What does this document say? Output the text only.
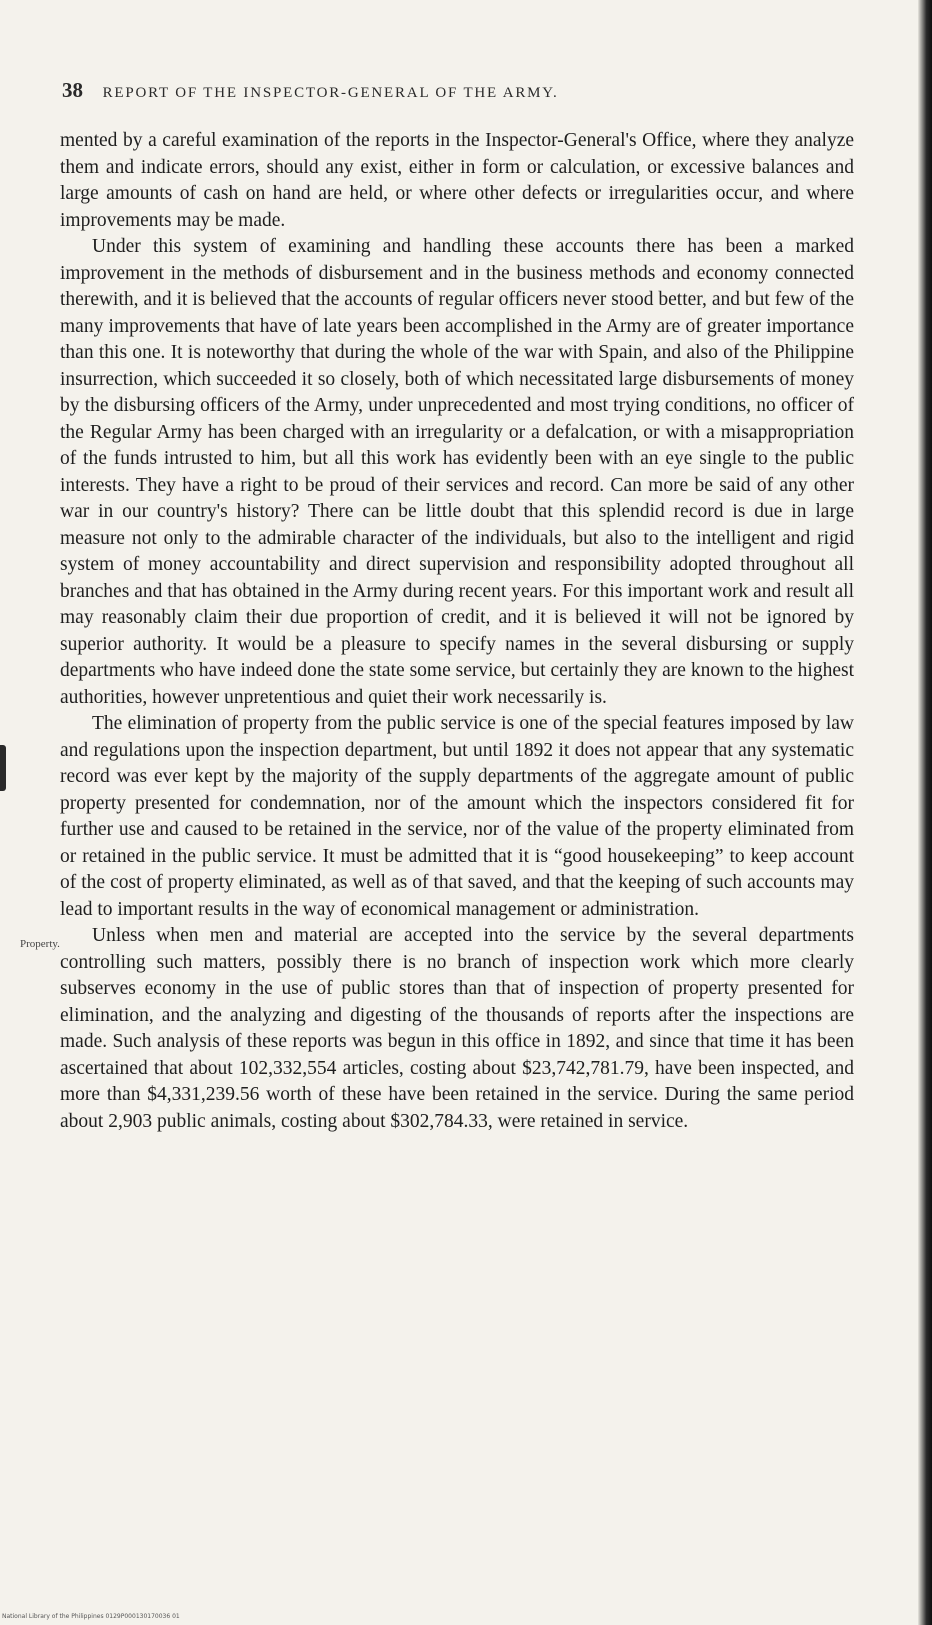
38 REPORT OF THE INSPECTOR-GENERAL OF THE ARMY.

mented by a careful examination of the reports in the Inspector-General's Office, where they analyze them and indicate errors, should any exist, either in form or calculation, or excessive balances and large amounts of cash on hand are held, or where other defects or irregularities occur, and where improvements may be made.

Under this system of examining and handling these accounts there has been a marked improvement in the methods of disbursement and in the business methods and economy connected therewith, and it is believed that the accounts of regular officers never stood better, and but few of the many improvements that have of late years been accomplished in the Army are of greater importance than this one. It is noteworthy that during the whole of the war with Spain, and also of the Philippine insurrection, which succeeded it so closely, both of which necessitated large disbursements of money by the disbursing officers of the Army, under unprecedented and most trying conditions, no officer of the Regular Army has been charged with an irregularity or a defalcation, or with a misappropriation of the funds intrusted to him, but all this work has evidently been with an eye single to the public interests. They have a right to be proud of their services and record. Can more be said of any other war in our country's history? There can be little doubt that this splendid record is due in large measure not only to the admirable character of the individuals, but also to the intelligent and rigid system of money accountability and direct supervision and responsibility adopted throughout all branches and that has obtained in the Army during recent years. For this important work and result all may reasonably claim their due proportion of credit, and it is believed it will not be ignored by superior authority. It would be a pleasure to specify names in the several disbursing or supply departments who have indeed done the state some service, but certainly they are known to the highest authorities, however unpretentious and quiet their work necessarily is.

The elimination of property from the public service is one of the special features imposed by law and regulations upon the inspection department, but until 1892 it does not appear that any systematic record was ever kept by the majority of the supply departments of the aggregate amount of public property presented for condemnation, nor of the amount which the inspectors considered fit for further use and caused to be retained in the service, nor of the value of the property eliminated from or retained in the public service. It must be admitted that it is “good housekeeping” to keep account of the cost of property eliminated, as well as of that saved, and that the keeping of such accounts may lead to important results in the way of economical management or administration.

Unless when men and material are accepted into the service by the several departments controlling such matters, possibly there is no branch of inspection work which more clearly subserves economy in the use of public stores than that of inspection of property presented for elimination, and the analyzing and digesting of the thousands of reports after the inspections are made. Such analysis of these reports was begun in this office in 1892, and since that time it has been ascertained that about 102,332,554 articles, costing about $23,742,781.79, have been inspected, and more than $4,331,239.56 worth of these have been retained in the service. During the same period about 2,903 public animals, costing about $302,784.33, were retained in service.

Property.
National Library of the Philippines 0129P000130170036 01
